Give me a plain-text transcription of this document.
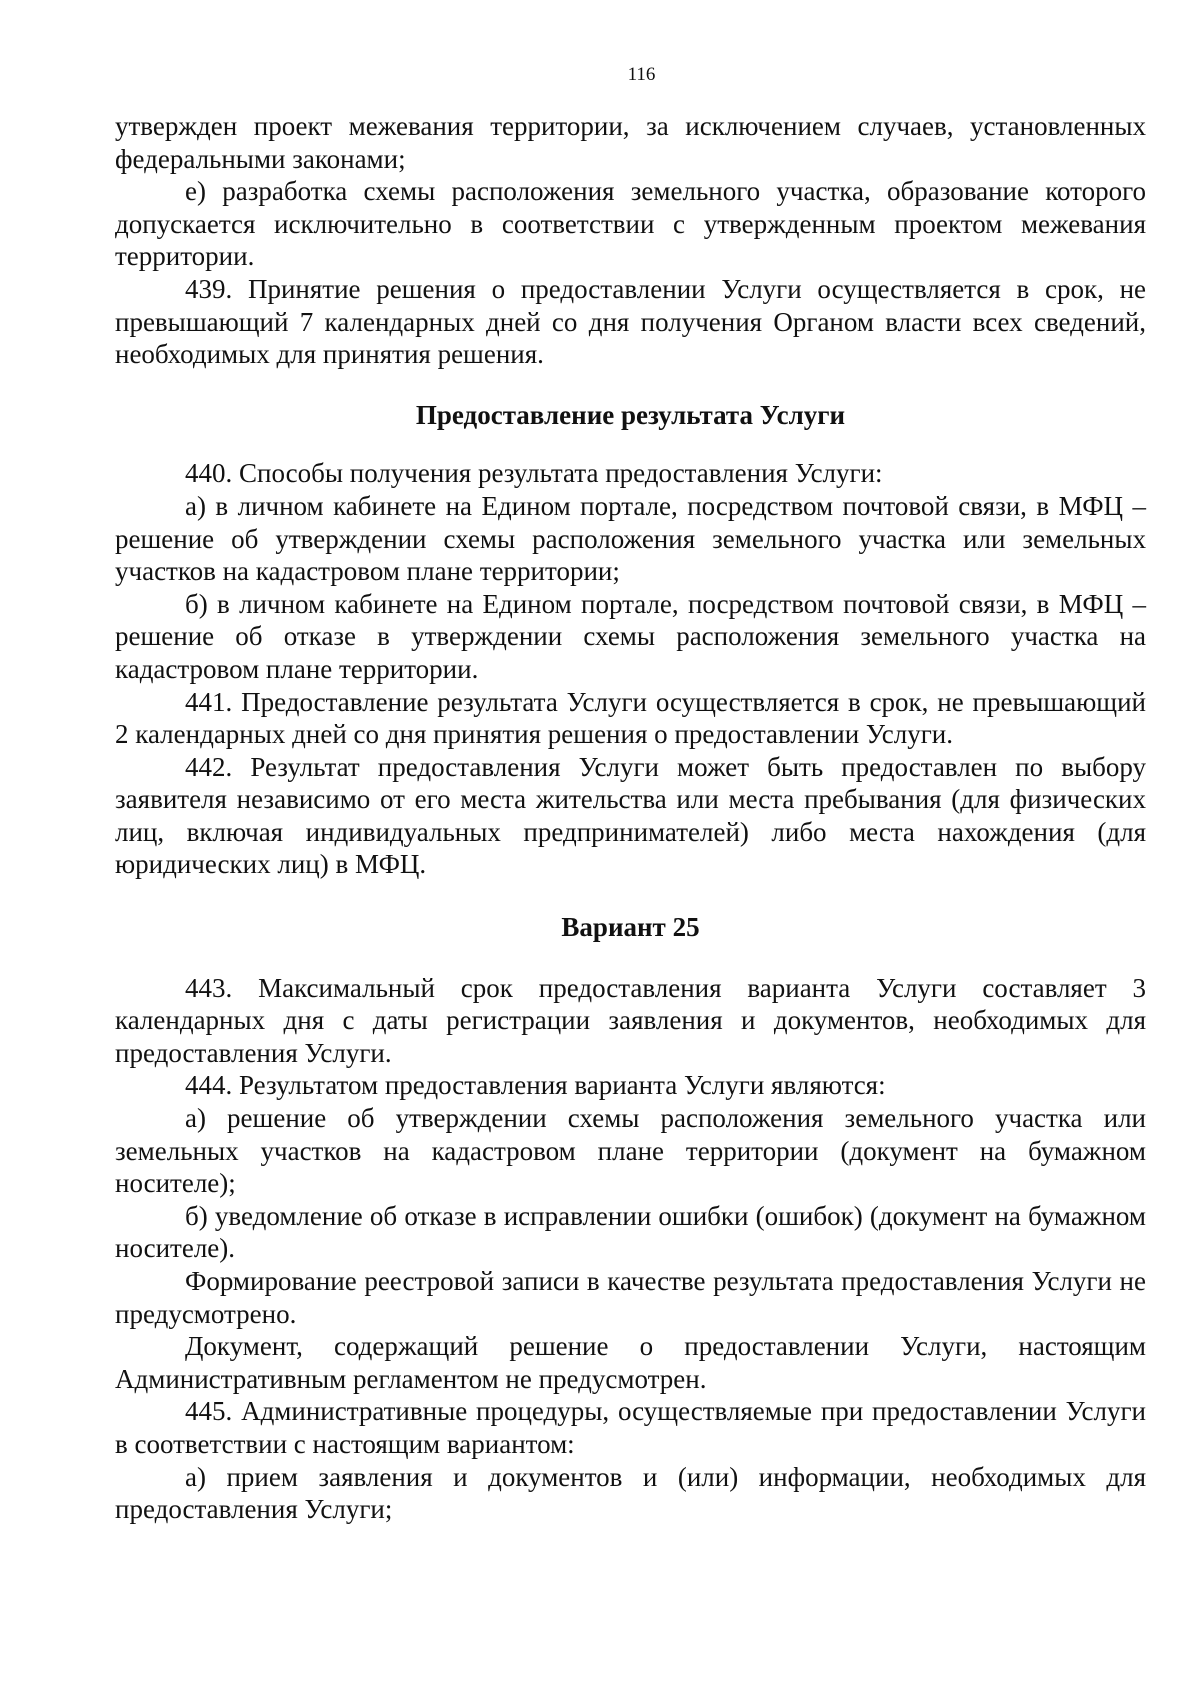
116

утвержден проект межевания территории, за исключением случаев, установленных федеральными законами;

е) разработка схемы расположения земельного участка, образование которого допускается исключительно в соответствии с утвержденным проектом межевания территории.

439. Принятие решения о предоставлении Услуги осуществляется в срок, не превышающий 7 календарных дней со дня получения Органом власти всех сведений, необходимых для принятия решения.

Предоставление результата Услуги

440. Способы получения результата предоставления Услуги:

а) в личном кабинете на Едином портале, посредством почтовой связи, в МФЦ – решение об утверждении схемы расположения земельного участка или земельных участков на кадастровом плане территории;

б) в личном кабинете на Едином портале, посредством почтовой связи, в МФЦ – решение об отказе в утверждении схемы расположения земельного участка на кадастровом плане территории.

441. Предоставление результата Услуги осуществляется в срок, не превышающий 2 календарных дней со дня принятия решения о предоставлении Услуги.

442. Результат предоставления Услуги может быть предоставлен по выбору заявителя независимо от его места жительства или места пребывания (для физических лиц, включая индивидуальных предпринимателей) либо места нахождения (для юридических лиц) в МФЦ.

Вариант 25

443. Максимальный срок предоставления варианта Услуги составляет 3 календарных дня с даты регистрации заявления и документов, необходимых для предоставления Услуги.

444. Результатом предоставления варианта Услуги являются:

а) решение об утверждении схемы расположения земельного участка или земельных участков на кадастровом плане территории (документ на бумажном носителе);

б) уведомление об отказе в исправлении ошибки (ошибок) (документ на бумажном носителе).

Формирование реестровой записи в качестве результата предоставления Услуги не предусмотрено.

Документ, содержащий решение о предоставлении Услуги, настоящим Административным регламентом не предусмотрен.

445. Административные процедуры, осуществляемые при предоставлении Услуги в соответствии с настоящим вариантом:

а) прием заявления и документов и (или) информации, необходимых для предоставления Услуги;
